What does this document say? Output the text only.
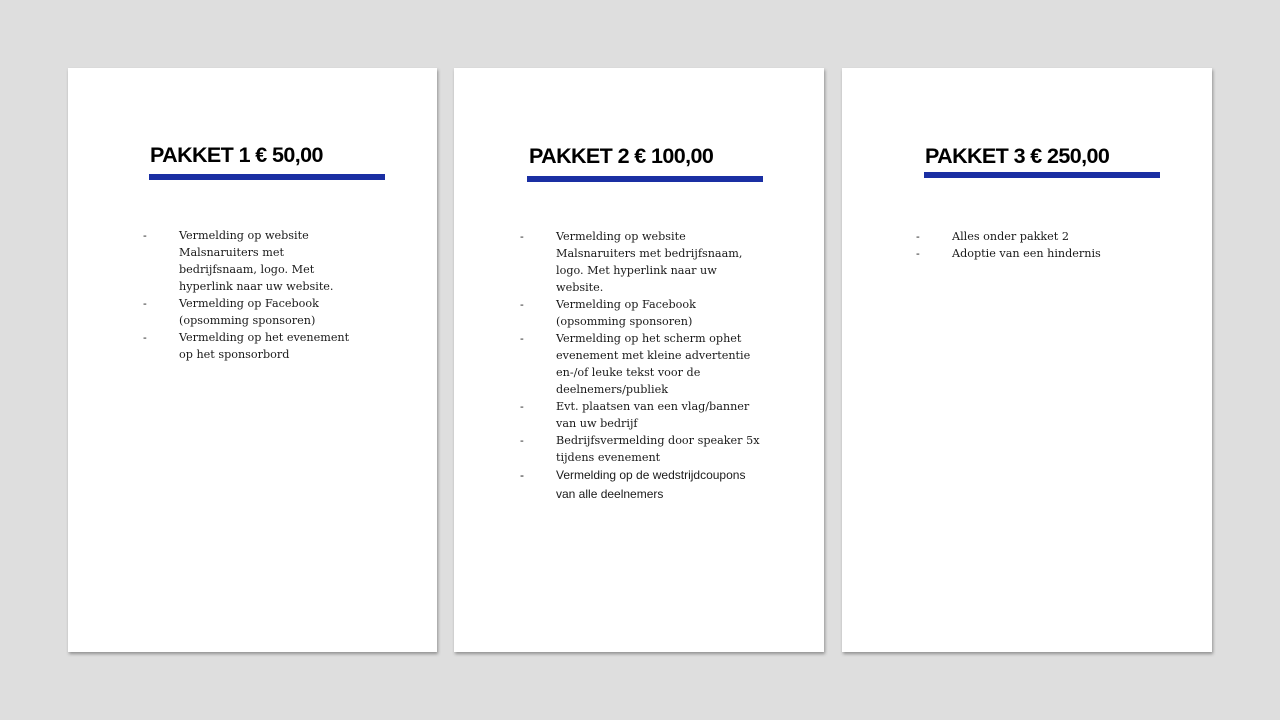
PAKKET 1 € 50,00
-	Vermelding op website Malsnaruiters met bedrijfsnaam, logo. Met hyperlink naar uw website.
-	Vermelding op Facebook (opsomming sponsoren)
-	Vermelding op het evenement op het sponsorbord
PAKKET 2 € 100,00
-	Vermelding op website Malsnaruiters met bedrijfsnaam, logo. Met hyperlink naar uw website.
-	Vermelding op Facebook (opsomming sponsoren)
-	Vermelding op het scherm ophet evenement met kleine advertentie en-/of leuke tekst voor de deelnemers/publiek
-	Evt. plaatsen van een vlag/banner van uw bedrijf
-	Bedrijfsvermelding door speaker 5x tijdens evenement
-	Vermelding op de wedstrijdcoupons van alle deelnemers
PAKKET 3 € 250,00
-	Alles onder pakket 2
-	Adoptie van een hindernis
